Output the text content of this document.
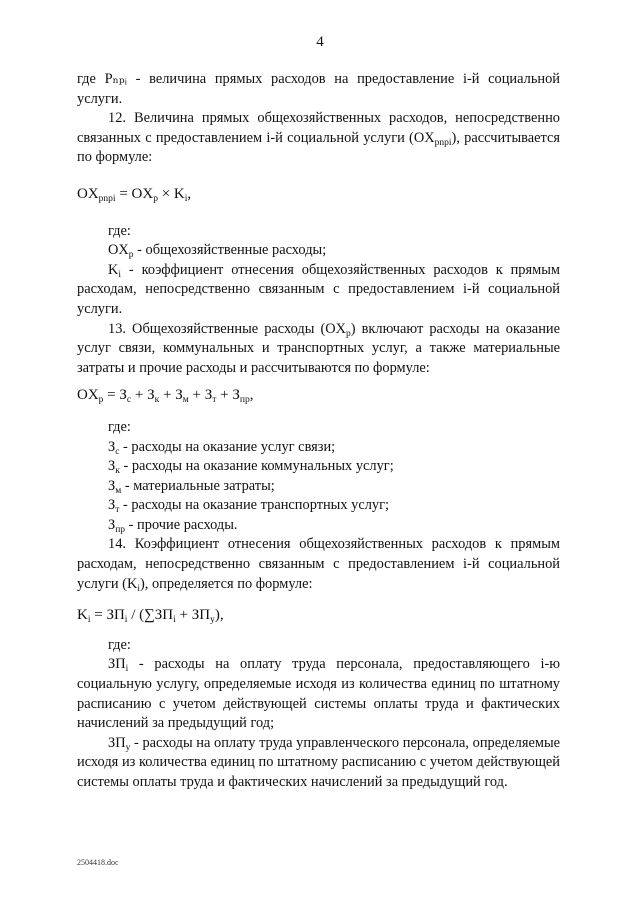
4

где Pₙₚᵢ - величина прямых расходов на предоставление i-й социальной услуги.

12. Величина прямых общехозяйственных расходов, непосредственно связанных с предоставлением i-й социальной услуги $(OX_{pnpi})$, рассчитывается по формуле:

$OX_{pnpi} = OX_p \times K_i$,

где:

$OX_p$ - общехозяйственные расходы;

$K_i$ - коэффициент отнесения общехозяйственных расходов к прямым расходам, непосредственно связанным с предоставлением i-й социальной услуги.

13. Общехозяйственные расходы $(OX_p)$ включают расходы на оказание услуг связи, коммунальных и транспортных услуг, а также материальные затраты и прочие расходы и рассчитываются по формуле:

$OX_p = З_с + З_к + З_м + З_т + З_{пр}$,

где:

$З_с$ - расходы на оказание услуг связи;

$З_к$ - расходы на оказание коммунальных услуг;

$З_м$ - материальные затраты;

$З_т$ - расходы на оказание транспортных услуг;

$З_{пр}$ - прочие расходы.

14. Коэффициент отнесения общехозяйственных расходов к прямым расходам, непосредственно связанным с предоставлением i-й социальной услуги $(K_i)$, определяется по формуле:

$K_i = ЗП_i / (\sum ЗП_i + ЗП_у)$,

где:

$ЗП_i$ - расходы на оплату труда персонала, предоставляющего i-ю социальную услугу, определяемые исходя из количества единиц по штатному расписанию с учетом действующей системы оплаты труда и фактических начислений за предыдущий год;

$ЗП_у$ - расходы на оплату труда управленческого персонала, определяемые исходя из количества единиц по штатному расписанию с учетом действующей системы оплаты труда и фактических начислений за предыдущий год.

2504418.doc
